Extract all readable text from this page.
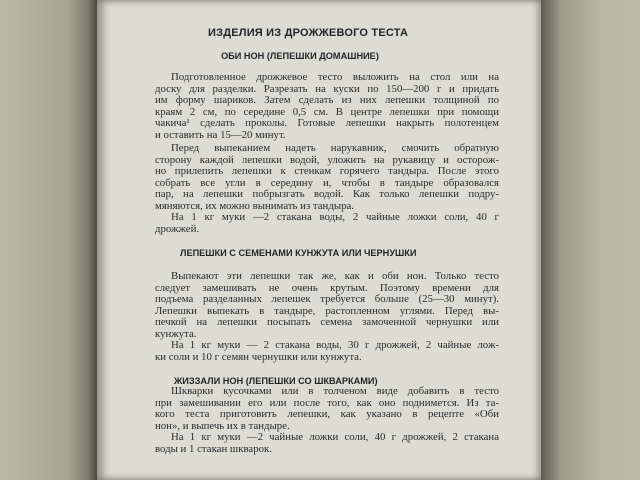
ИЗДЕЛИЯ ИЗ ДРОЖЖЕВОГО ТЕСТА
ОБИ НОН (ЛЕПЕШКИ ДОМАШНИЕ)

Подготовленное дрожжевое тесто выложить на стол или на

доску для разделки. Разрезать на куски по 150—200 г и придать

им форму шариков. Затем сделать из них лепешки толщиной по

краям 2 см, по середине 0,5 см. В центре лепешки при помощи

чакича¹ сделать проколы. Готовые лепешки накрыть полотенцем

и оставить на 15—20 минут.

Перед выпеканием надеть нарукавник, смочить обратную

сторону каждой лепешки водой, уложить на рукавицу и осторож-

но прилепить лепешки к стенкам горячего тандыра. После этого

собрать все угли в середину и, чтобы в тандыре образовался

пар, на лепешки побрызгать водой. Как только лепешки подру-

мяняются, их можно вынимать из тандыра.

На 1 кг муки —2 стакана воды, 2 чайные ложки соли, 40 г

дрожжей.

ЛЕПЕШКИ С СЕМЕНАМИ КУНЖУТА ИЛИ ЧЕРНУШКИ

Выпекают эти лепешки так же, как и оби нон. Только тесто

следует замешивать не очень крутым. Поэтому времени для

подъема разделанных лепешек требуется больше (25—30 минут).

Лепешки выпекать в тандыре, растопленном углями. Перед вы-

печкой на лепешки посыпать семена замоченной чернушки или

кунжута.

На 1 кг муки — 2 стакана воды, 30 г дрожжей, 2 чайные лож-

ки соли и 10 г семян чернушки или кунжута.

ЖИЗЗАЛИ НОН (ЛЕПЕШКИ СО ШКВАРКАМИ)

Шкварки кусочками или в толченом виде добавить в тесто

при замешивании его или после того, как оно поднимется. Из та-

кого теста приготовить лепешки, как указано в рецепте «Оби

нон», и выпечь их в тандыре.

На 1 кг муки —2 чайные ложки соли, 40 г дрожжей, 2 стакана

воды и 1 стакан шкварок.
